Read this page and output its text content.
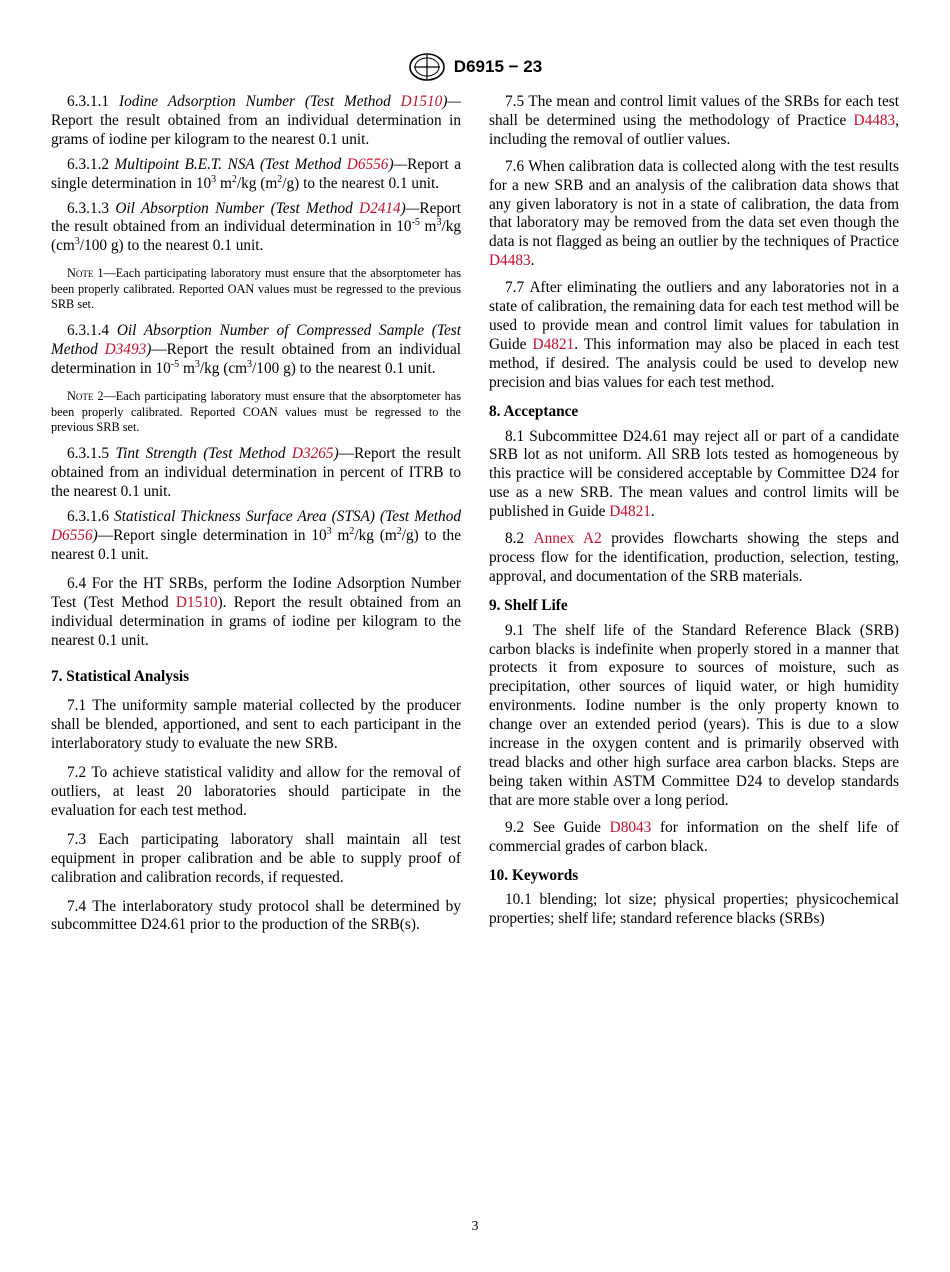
D6915 − 23

6.3.1.1 Iodine Adsorption Number (Test Method D1510)—Report the result obtained from an individual determination in grams of iodine per kilogram to the nearest 0.1 unit.

6.3.1.2 Multipoint B.E.T. NSA (Test Method D6556)—Report a single determination in $10^3$ $m^2/kg$ $(m^2/g)$ to the nearest 0.1 unit.

6.3.1.3 Oil Absorption Number (Test Method D2414)—Report the result obtained from an individual determination in $10^{-5}$ $m^3/kg$ ($cm^3/100$ g) to the nearest 0.1 unit.

Note 1—Each participating laboratory must ensure that the absorptometer has been properly calibrated. Reported OAN values must be regressed to the previous SRB set.

6.3.1.4 Oil Absorption Number of Compressed Sample (Test Method D3493)—Report the result obtained from an individual determination in $10^{-5}$ $m^3/kg$ ($cm^3/100$ g) to the nearest 0.1 unit.

Note 2—Each participating laboratory must ensure that the absorptometer has been properly calibrated. Reported COAN values must be regressed to the previous SRB set.

6.3.1.5 Tint Strength (Test Method D3265)—Report the result obtained from an individual determination in percent of ITRB to the nearest 0.1 unit.

6.3.1.6 Statistical Thickness Surface Area (STSA) (Test Method D6556)—Report single determination in $10^3$ $m^2/kg$ $(m^2/g)$ to the nearest 0.1 unit.

6.4 For the HT SRBs, perform the Iodine Adsorption Number Test (Test Method D1510). Report the result obtained from an individual determination in grams of iodine per kilogram to the nearest 0.1 unit.

7. Statistical Analysis

7.1 The uniformity sample material collected by the producer shall be blended, apportioned, and sent to each participant in the interlaboratory study to evaluate the new SRB.

7.2 To achieve statistical validity and allow for the removal of outliers, at least 20 laboratories should participate in the evaluation for each test method.

7.3 Each participating laboratory shall maintain all test equipment in proper calibration and be able to supply proof of calibration and calibration records, if requested.

7.4 The interlaboratory study protocol shall be determined by subcommittee D24.61 prior to the production of the SRB(s).

7.5 The mean and control limit values of the SRBs for each test shall be determined using the methodology of Practice D4483, including the removal of outlier values.

7.6 When calibration data is collected along with the test results for a new SRB and an analysis of the calibration data shows that any given laboratory is not in a state of calibration, the data from that laboratory may be removed from the data set even though the data is not flagged as being an outlier by the techniques of Practice D4483.

7.7 After eliminating the outliers and any laboratories not in a state of calibration, the remaining data for each test method will be used to provide mean and control limit values for tabulation in Guide D4821. This information may also be placed in each test method, if desired. The analysis could be used to develop new precision and bias values for each test method.

8. Acceptance

8.1 Subcommittee D24.61 may reject all or part of a candidate SRB lot as not uniform. All SRB lots tested as homogeneous by this practice will be considered acceptable by Committee D24 for use as a new SRB. The mean values and control limits will be published in Guide D4821.

8.2 Annex A2 provides flowcharts showing the steps and process flow for the identification, production, selection, testing, approval, and documentation of the SRB materials.

9. Shelf Life

9.1 The shelf life of the Standard Reference Black (SRB) carbon blacks is indefinite when properly stored in a manner that protects it from exposure to sources of moisture, such as precipitation, other sources of liquid water, or high humidity environments. Iodine number is the only property known to change over an extended period (years). This is due to a slow increase in the oxygen content and is primarily observed with tread blacks and other high surface area carbon blacks. Steps are being taken within ASTM Committee D24 to develop standards that are more stable over a long period.

9.2 See Guide D8043 for information on the shelf life of commercial grades of carbon black.

10. Keywords

10.1 blending; lot size; physical properties; physicochemical properties; shelf life; standard reference blacks (SRBs)

3
